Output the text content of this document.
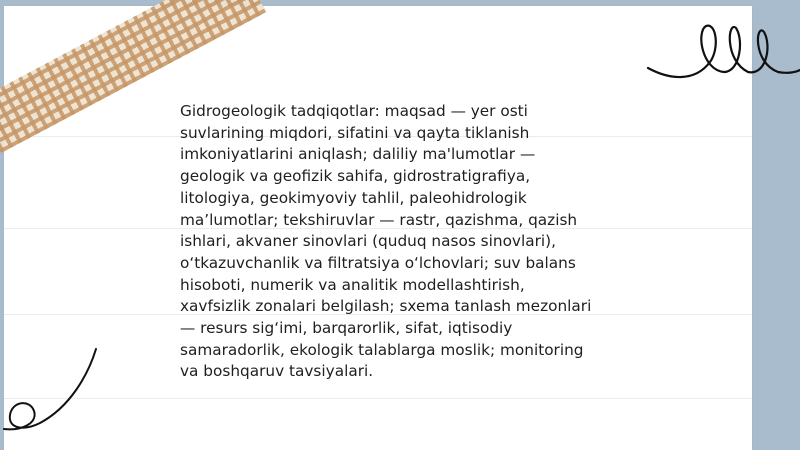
Gidrogeologik tadqiqotlar: maqsad — yer osti
suvlarining miqdori, sifatini va qayta tiklanish
imkoniyatlarini aniqlash; daliliy ma'lumotlar —
geologik va geofizik sahifa, gidrostratigrafiya,
litologiya, geokimyoviy tahlil, paleohidrologik
ma’lumotlar; tekshiruvlar — rastr, qazishma, qazish
ishlari, akvaner sinovlari (quduq nasos sinovlari),
o‘tkazuvchanlik va filtratsiya o‘lchovlari; suv balans
hisoboti, numerik va analitik modellashtirish,
xavfsizlik zonalari belgilash; sxema tanlash mezonlari
— resurs sig‘imi, barqarorlik, sifat, iqtisodiy
samaradorlik, ekologik talablarga moslik; monitoring
va boshqaruv tavsiyalari.
